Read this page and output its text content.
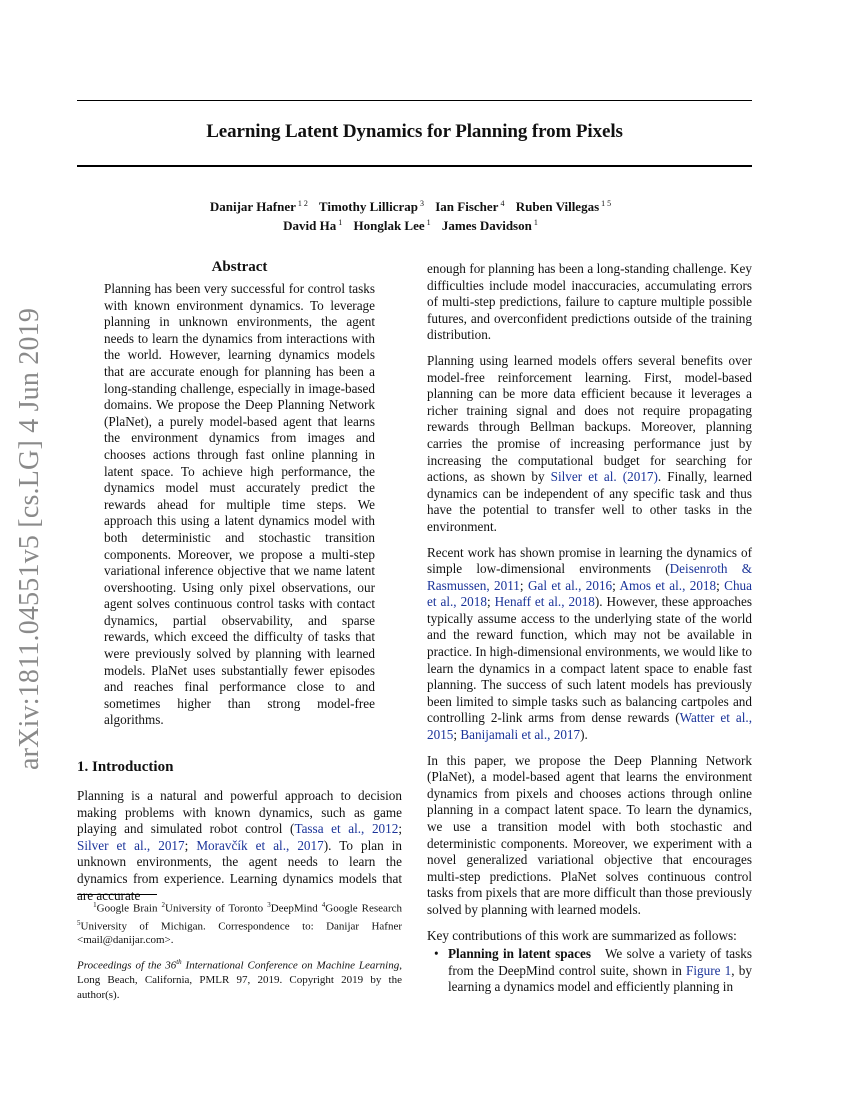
arXiv:1811.04551v5 [cs.LG] 4 Jun 2019
Learning Latent Dynamics for Planning from Pixels
Danijar Hafner $^{1 2}$ Timothy Lillicrap $^3$ Ian Fischer $^4$ Ruben Villegas $^{1 5}$
David Ha $^1$ Honglak Lee $^1$ James Davidson $^1$
Abstract
Planning has been very successful for control tasks with known environment dynamics. To leverage planning in unknown environments, the agent needs to learn the dynamics from interactions with the world. However, learning dynamics models that are accurate enough for planning has been a long-standing challenge, especially in image-based domains. We propose the Deep Planning Network (PlaNet), a purely model-based agent that learns the environment dynamics from images and chooses actions through fast online planning in latent space. To achieve high performance, the dynamics model must accurately predict the rewards ahead for multiple time steps. We approach this using a latent dynamics model with both deterministic and stochastic transition components. Moreover, we propose a multi-step variational inference objective that we name latent overshooting. Using only pixel observations, our agent solves continuous control tasks with contact dynamics, partial observability, and sparse rewards, which exceed the difficulty of tasks that were previously solved by planning with learned models. PlaNet uses substantially fewer episodes and reaches final performance close to and sometimes higher than strong model-free algorithms.
1. Introduction
Planning is a natural and powerful approach to decision making problems with known dynamics, such as game playing and simulated robot control (Tassa et al., 2012; Silver et al., 2017; Moravčík et al., 2017). To plan in unknown environments, the agent needs to learn the dynamics from experience. Learning dynamics models that are accurate
$^1$Google Brain $^2$University of Toronto $^3$DeepMind $^4$Google Research $^5$University of Michigan. Correspondence to: Danijar Hafner <mail@danijar.com>.
Proceedings of the 36th International Conference on Machine Learning, Long Beach, California, PMLR 97, 2019. Copyright 2019 by the author(s).

enough for planning has been a long-standing challenge. Key difficulties include model inaccuracies, accumulating errors of multi-step predictions, failure to capture multiple possible futures, and overconfident predictions outside of the training distribution.

Planning using learned models offers several benefits over model-free reinforcement learning. First, model-based planning can be more data efficient because it leverages a richer training signal and does not require propagating rewards through Bellman backups. Moreover, planning carries the promise of increasing performance just by increasing the computational budget for searching for actions, as shown by Silver et al. (2017). Finally, learned dynamics can be independent of any specific task and thus have the potential to transfer well to other tasks in the environment.

Recent work has shown promise in learning the dynamics of simple low-dimensional environments (Deisenroth & Rasmussen, 2011; Gal et al., 2016; Amos et al., 2018; Chua et al., 2018; Henaff et al., 2018). However, these approaches typically assume access to the underlying state of the world and the reward function, which may not be available in practice. In high-dimensional environments, we would like to learn the dynamics in a compact latent space to enable fast planning. The success of such latent models has previously been limited to simple tasks such as balancing cartpoles and controlling 2-link arms from dense rewards (Watter et al., 2015; Banijamali et al., 2017).

In this paper, we propose the Deep Planning Network (PlaNet), a model-based agent that learns the environment dynamics from pixels and chooses actions through online planning in a compact latent space. To learn the dynamics, we use a transition model with both stochastic and deterministic components. Moreover, we experiment with a novel generalized variational objective that encourages multi-step predictions. PlaNet solves continuous control tasks from pixels that are more difficult than those previously solved by planning with learned models.

Key contributions of this work are summarized as follows:

• Planning in latent spaces We solve a variety of tasks from the DeepMind control suite, shown in Figure 1, by learning a dynamics model and efficiently planning in
